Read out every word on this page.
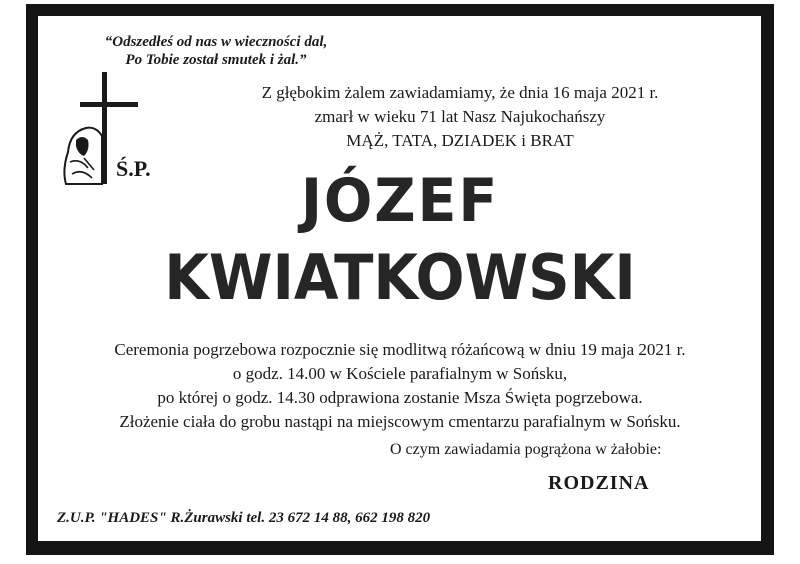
“Odszedłeś od nas w wieczności dal,
Po Tobie został smutek i żal.”
Ś.P.
Z głębokim żalem zawiadamiamy, że dnia 16 maja 2021 r.
zmarł w wieku 71 lat Nasz Najukochańszy
MĄŻ, TATA, DZIADEK i BRAT
JÓZEF
KWIATKOWSKI
Ceremonia pogrzebowa rozpocznie się modlitwą różańcową w dniu 19 maja 2021 r.
o godz. 14.00 w Kościele parafialnym w Sońsku,
po której o godz. 14.30 odprawiona zostanie Msza Święta pogrzebowa.
Złożenie ciała do grobu nastąpi na miejscowym cmentarzu parafialnym w Sońsku.
O czym zawiadamia pogrążona w żałobie:
RODZINA
Z.U.P. "HADES" R.Żurawski tel. 23 672 14 88, 662 198 820
